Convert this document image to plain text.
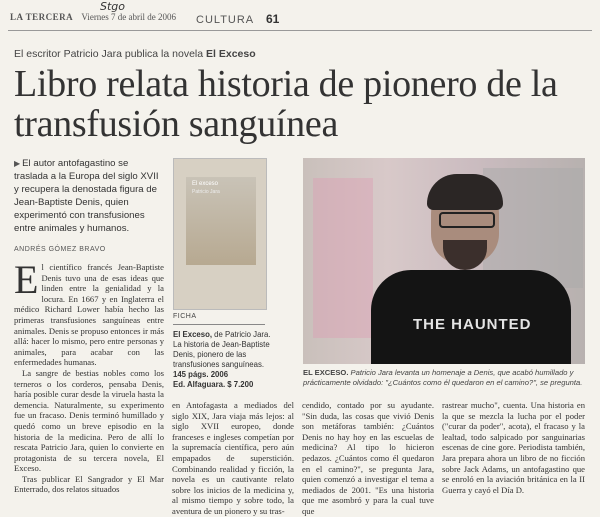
Stgo
LA TERCERA Viernes 7 de abril de 2006 CULTURA 61
El escritor Patricio Jara publica la novela El Exceso
Libro relata historia de pionero de la transfusión sanguínea
▶ El autor antofagastino se traslada a la Europa del siglo XVII y recupera la denostada figura de Jean-Baptiste Denis, quien experimentó con transfusiones entre animales y humanos.
ANDRÉS GÓMEZ BRAVO
E l científico francés Jean-Baptiste Denis tuvo una de esas ideas que linden entre la genialidad y la locura. En 1667 y en Inglaterra el médico Richard Lower había hecho las primeras transfusiones sanguíneas entre animales. Denis se propuso entonces ir más allá: hacer lo mismo, pero entre personas y animales, para acabar con las enfermedades humanas.

La sangre de bestias nobles como los terneros o los corderos, pensaba Denis, haría posible curar desde la viruela hasta la demencia. Naturalmente, su experimento fue un fracaso. Denis terminó humillado y quedó como un breve episodio en la historia de la medicina. Pero de allí lo rescata Patricio Jara, quien lo convierte en protagonista de su tercera novela, El Exceso.

Tras publicar El Sangrador y El Mar Enterrado, dos relatos situados

El exceso
Patricio Jara
FICHA
El Exceso, de Patricio Jara.
La historia de Jean-Baptiste Denis, pionero de las transfusiones sanguíneas.
145 págs. 2006
Ed. Alfaguara. $ 7.200
THE HAUNTED
EL EXCESO. Patricio Jara levanta un homenaje a Denis, que acabó humillado y prácticamente olvidado: "¿Cuántos como él quedaron en el camino?", se pregunta.

en Antofagasta a mediados del siglo XIX, Jara viaja más lejos: al siglo XVII europeo, donde franceses e ingleses competían por la supremacía científica, pero aún empapados de superstición. Combinando realidad y ficción, la novela es un cautivante relato sobre los inicios de la medicina y, al mismo tiempo y sobre todo, la aventura de un pionero y su tras-

cendido, contado por su ayudante. "Sin duda, las cosas que vivió Denis son metáforas también: ¿Cuántos Denis no hay hoy en las escuelas de medicina? Al tipo lo hicieron pedazos. ¿Cuántos como él quedaron en el camino?", se pregunta Jara, quien comenzó a investigar el tema a mediados de 2001. "Es una historia que me asombró y para la cual tuve que

rastrear mucho", cuenta. Una historia en la que se mezcla la lucha por el poder ("curar da poder", acota), el fracaso y la lealtad, todo salpicado por sanguinarias escenas de cine gore. Periodista también, Jara prepara ahora un libro de no ficción sobre Jack Adams, un antofagastino que se enroló en la aviación británica en la II Guerra y cayó el Día D.
